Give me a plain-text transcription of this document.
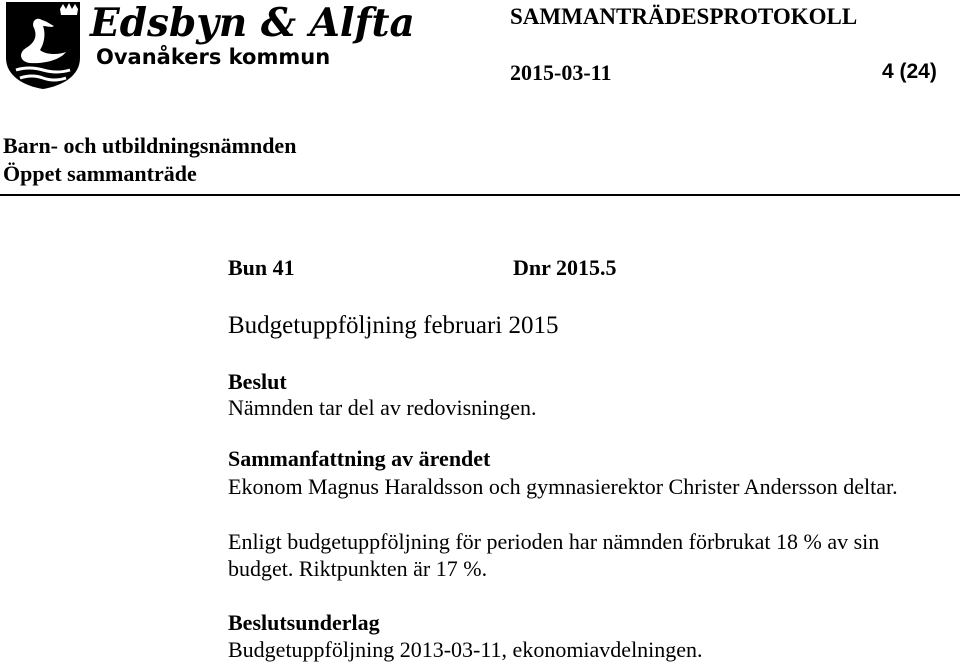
Edsbyn & Alfta
Ovanåkers kommun
SAMMANTRÄDESPROTOKOLL
2015-03-11	4 (24)
Barn- och utbildningsnämnden
Öppet sammanträde
Bun 41	Dnr 2015.5
Budgetuppföljning februari 2015
Beslut
Nämnden tar del av redovisningen.
Sammanfattning av ärendet
Ekonom Magnus Haraldsson och gymnasierektor Christer Andersson deltar.
Enligt budgetuppföljning för perioden har nämnden förbrukat 18 % av sin
budget. Riktpunkten är 17 %.
Beslutsunderlag
Budgetuppföljning 2013-03-11, ekonomiavdelningen.
